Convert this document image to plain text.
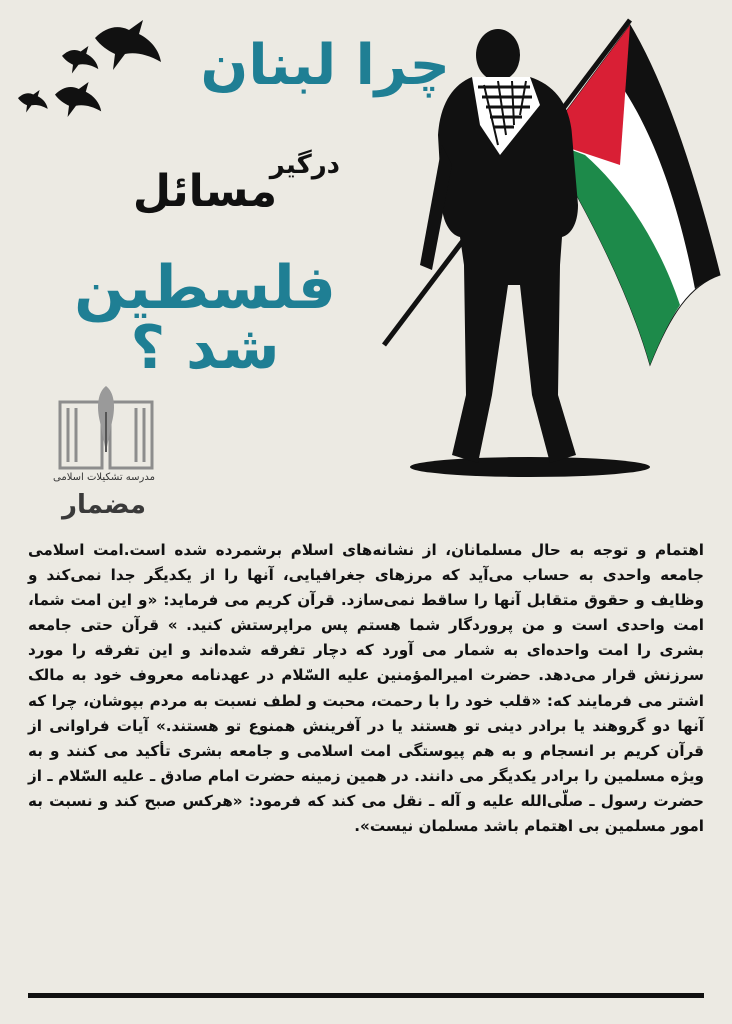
چرا لبنان
درگیر
مسائل
فلسطین شد ؟
مدرسه تشکیلات اسلامی
مضمار
اهتمام و توجه به حال مسلمانان، از نشانه‌های اسلام برشمرده شده است.امت اسلامی جامعه واحدی به حساب می‌آید که مرزهای جغرافیایی، آنها را از یکدیگر جدا نمی‌کند و وظایف و حقوق متقابل آنها را ساقط نمی‌سازد. قرآن کریم می فرماید: «و این امت شما، امت واحدی است و من پروردگار شما هستم پس مراپرستش کنید. » قرآن حتی جامعه بشری را امت واحده‌ای به شمار می آورد که دچار تفرقه شده‌اند و این تفرقه را مورد سرزنش قرار می‌دهد. حضرت امیرالمؤمنین علیه السّلام در عهدنامه معروف خود به مالک اشتر می فرمایند که: «قلب خود را با رحمت، محبت و لطف نسبت به مردم بپوشان، چرا که آنها دو گروهند یا برادر دینی تو هستند یا در آفرینش همنوع تو هستند.» آیات فراوانی از قرآن کریم بر انسجام و به هم پیوستگی امت اسلامی و جامعه بشری تأکید می کنند و به ویژه مسلمین را برادر یکدیگر می دانند. در همین زمینه حضرت امام صادق ـ علیه السّلام ـ از حضرت رسول ـ صلّی‌الله علیه و آله ـ نقل می کند که فرمود: «هرکس صبح کند و نسبت به امور مسلمین بی اهتمام باشد مسلمان نیست».
